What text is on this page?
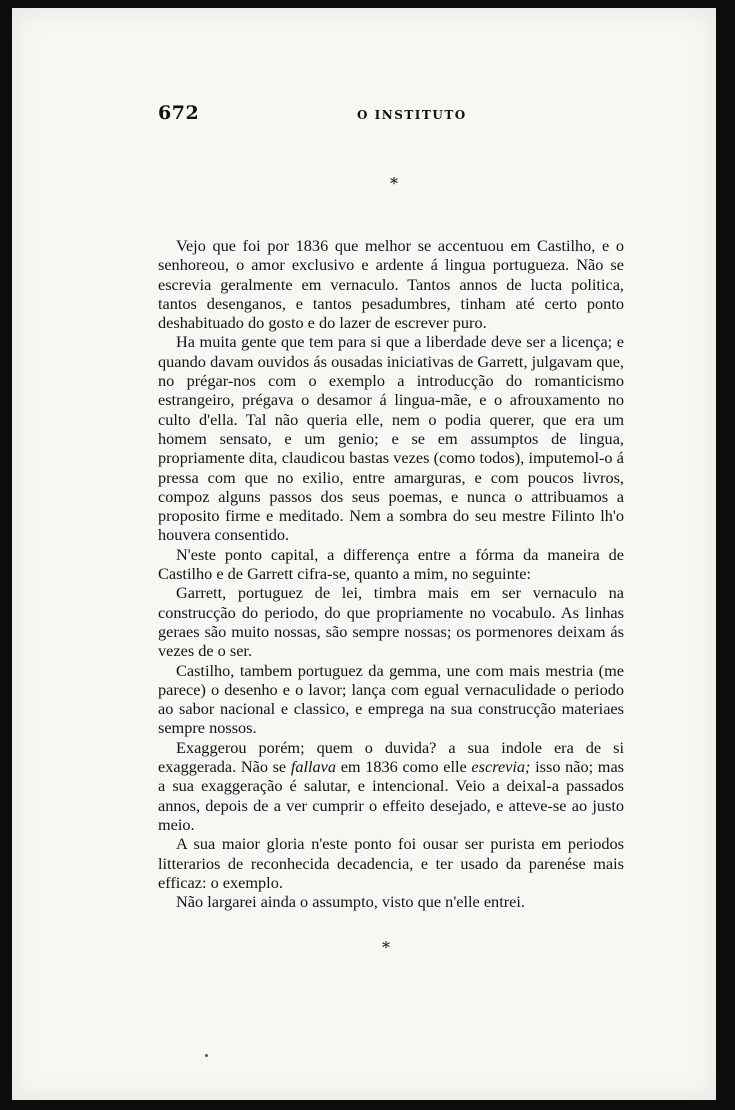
672	O INSTITUTO
*

Vejo que foi por 1836 que melhor se accentuou em Castilho, e o senhoreou, o amor exclusivo e ardente á lingua portugueza. Não se escrevia geralmente em vernaculo. Tantos annos de lucta politica, tantos desenganos, e tantos pesadumbres, tinham até certo ponto deshabituado do gosto e do lazer de escrever puro.

Ha muita gente que tem para si que a liberdade deve ser a licença; e quando davam ouvidos ás ousadas iniciativas de Garrett, julgavam que, no prégar-nos com o exemplo a introducção do romanticismo estrangeiro, prégava o desamor á lingua-mãe, e o afrouxamento no culto d'ella. Tal não queria elle, nem o podia querer, que era um homem sensato, e um genio; e se em assumptos de lingua, propriamente dita, claudicou bastas vezes (como todos), imputemol-o á pressa com que no exilio, entre amarguras, e com poucos livros, compoz alguns passos dos seus poemas, e nunca o attribuamos a proposito firme e meditado. Nem a sombra do seu mestre Filinto lh'o houvera consentido.

N'este ponto capital, a differença entre a fórma da maneira de Castilho e de Garrett cifra-se, quanto a mim, no seguinte:

Garrett, portuguez de lei, timbra mais em ser vernaculo na construcção do periodo, do que propriamente no vocabulo. As linhas geraes são muito nossas, são sempre nossas; os pormenores deixam ás vezes de o ser.

Castilho, tambem portuguez da gemma, une com mais mestria (me parece) o desenho e o lavor; lança com egual vernaculidade o periodo ao sabor nacional e classico, e emprega na sua construcção materiaes sempre nossos.

Exaggerou porém; quem o duvida? a sua indole era de si exaggerada. Não se fallava em 1836 como elle escrevia; isso não; mas a sua exaggeração é salutar, e intencional. Veio a deixal-a passados annos, depois de a ver cumprir o effeito desejado, e atteve-se ao justo meio.

A sua maior gloria n'este ponto foi ousar ser purista em periodos litterarios de reconhecida decadencia, e ter usado da parenése mais efficaz: o exemplo.

Não largarei ainda o assumpto, visto que n'elle entrei.

*
